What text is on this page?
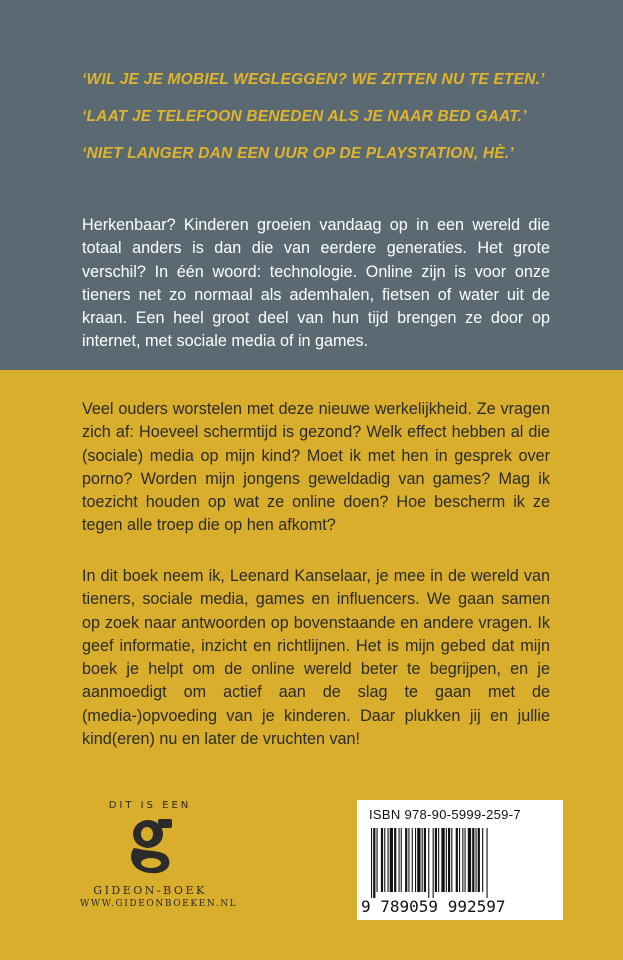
‘WIL JE JE MOBIEL WEGLEGGEN? WE ZITTEN NU TE ETEN.’

‘LAAT JE TELEFOON BENEDEN ALS JE NAAR BED GAAT.’

‘NIET LANGER DAN EEN UUR OP DE PLAYSTATION, HÈ.’

Herkenbaar? Kinderen groeien vandaag op in een wereld die totaal anders is dan die van eerdere generaties. Het grote verschil? In één woord: technologie. Online zijn is voor onze tieners net zo normaal als ademhalen, fietsen of water uit de kraan. Een heel groot deel van hun tijd brengen ze door op internet, met sociale media of in games.

Veel ouders worstelen met deze nieuwe werkelijkheid. Ze vragen zich af: Hoeveel schermtijd is gezond? Welk effect hebben al die (sociale) media op mijn kind? Moet ik met hen in gesprek over porno? Worden mijn jongens geweldadig van games? Mag ik toezicht houden op wat ze online doen? Hoe bescherm ik ze tegen alle troep die op hen afkomt?

In dit boek neem ik, Leenard Kanselaar, je mee in de wereld van tieners, sociale media, games en influencers. We gaan samen op zoek naar antwoorden op bovenstaande en andere vragen. Ik geef informatie, inzicht en richtlijnen. Het is mijn gebed dat mijn boek je helpt om de online wereld beter te begrijpen, en je aanmoedigt om actief aan de slag te gaan met de (media-)opvoeding van je kinderen. Daar plukken jij en jullie kind(eren) nu en later de vruchten van!

DIT IS EEN
GIDEON-BOEK
WWW.GIDEONBOEKEN.NL
ISBN 978-90-5999-259-7
9 789059 992597
